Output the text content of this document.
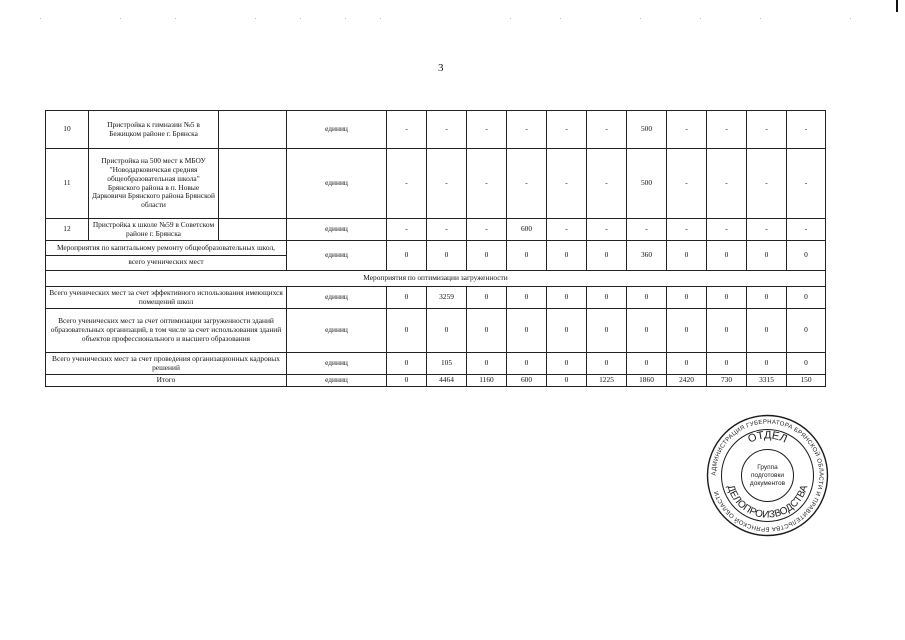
3
10	Пристройка к гимназии №5 в Бежицком районе г. Брянска		единиц	-	-	-	-	-	-	500	-	-	-	-
11	Пристройка на 500 мест к МБОУ "Новодарковичская средняя общеобразовательная школа" Брянского района в п. Новые Дарковичи Брянского района Брянской области		единиц	-	-	-	-	-	-	500	-	-	-	-
12	Пристройка к школе №59 в Советском районе г. Брянска		единиц	-	-	-	600	-	-	-	-	-	-	-

Мероприятия по капитальному ремонту общеобразовательных школ,
всего ученических мест			единиц	0	0	0	0	0	0	360	0	0	0	0
Мероприятия по оптимизации загруженности														
Всего ученических мест за счет эффективного использования имеющихся помещений школ			единиц	0	3259	0	0	0	0	0	0	0	0	0
Всего ученических мест за счет оптимизации загруженности зданий образовательных организаций, в том числе за счет использования зданий объектов профессионального и высшего образования			единиц	0	0	0	0	0	0	0	0	0	0	0
Всего ученических мест за счет проведения организационных кадровых решений			единиц	0	105	0	0	0	0	0	0	0	0	0
Итого			единиц	0	4464	1160	600	0	1225	1860	2420	730	3315	150
АДМИНИСТРАЦИЯ ГУБЕРНАТОРА БРЯНСКОЙ ОБЛАСТИ И ПРАВИТЕЛЬСТВА БРЯНСКОЙ ОБЛАСТИ
ОТДЕЛ
ДЕЛОПРОИЗВОДСТВА
Группа
подготовки
документов
